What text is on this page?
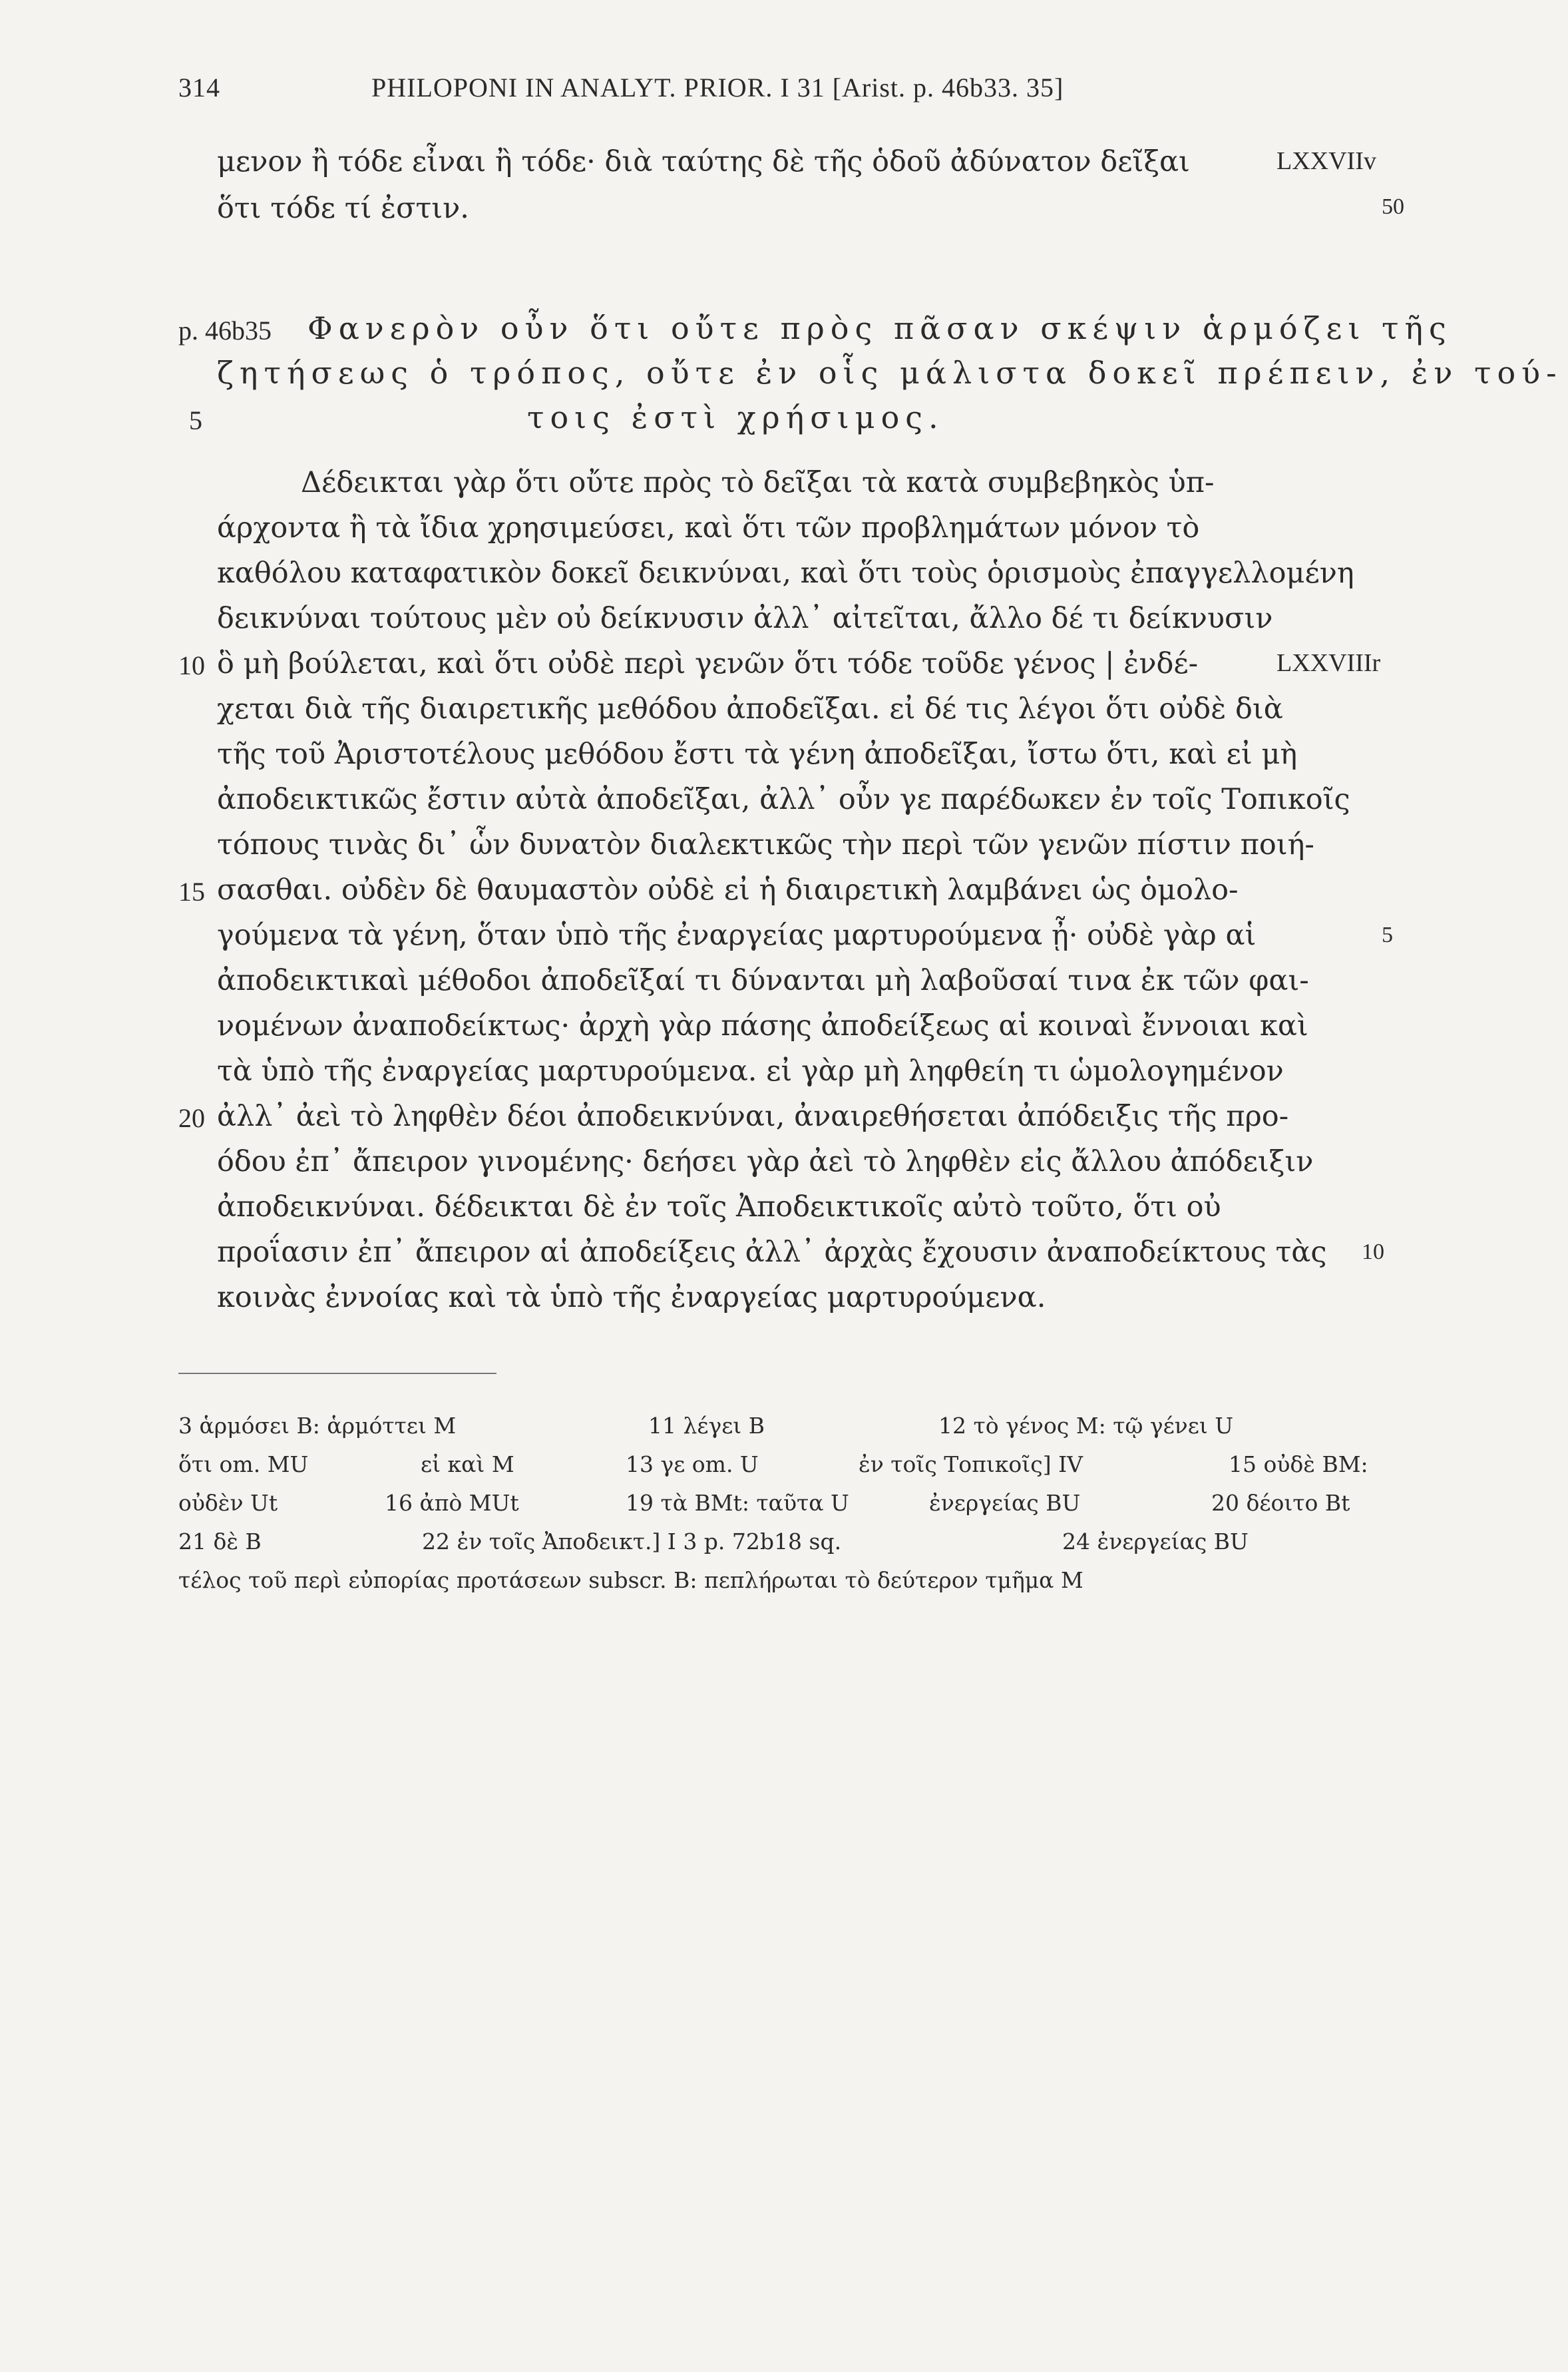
314	PHILOPONI IN ANALYT. PRIOR. I 31 [Arist. p. 46b33. 35]
μενον ἢ τόδε εἶναι ἢ τόδε· διὰ ταύτης δὲ τῆς ὁδοῦ ἀδύνατον δεῖξαι	LXXVIIv
ὅτι τόδε τί ἐστιν.	50
p. 46b35 Φανερὸν οὖν ὅτι οὔτε πρὸς πᾶσαν σκέψιν ἁρμόζει τῆς
ζητήσεως ὁ τρόπος, οὔτε ἐν οἷς μάλιστα δοκεῖ πρέπειν, ἐν τού-
5	τοις ἐστὶ χρήσιμος.
Δέδεικται γὰρ ὅτι οὔτε πρὸς τὸ δεῖξαι τὰ κατὰ συμβεβηκὸς ὑπ-
άρχοντα ἢ τὰ ἴδια χρησιμεύσει, καὶ ὅτι τῶν προβλημάτων μόνον τὸ
καθόλου καταφατικὸν δοκεῖ δεικνύναι, καὶ ὅτι τοὺς ὁρισμοὺς ἐπαγγελλομένη
δεικνύναι τούτους μὲν οὐ δείκνυσιν ἀλλ᾽ αἰτεῖται, ἄλλο δέ τι δείκνυσιν
10 ὃ μὴ βούλεται, καὶ ὅτι οὐδὲ περὶ γενῶν ὅτι τόδε τοῦδε γένος | ἐνδέ-	LXXVIIIr
χεται διὰ τῆς διαιρετικῆς μεθόδου ἀποδεῖξαι. εἰ δέ τις λέγοι ὅτι οὐδὲ διὰ
τῆς τοῦ Ἀριστοτέλους μεθόδου ἔστι τὰ γένη ἀποδεῖξαι, ἴστω ὅτι, καὶ εἰ μὴ
ἀποδεικτικῶς ἔστιν αὐτὰ ἀποδεῖξαι, ἀλλ᾽ οὖν γε παρέδωκεν ἐν τοῖς Τοπικοῖς
τόπους τινὰς δι᾽ ὧν δυνατὸν διαλεκτικῶς τὴν περὶ τῶν γενῶν πίστιν ποιή-
15 σασθαι. οὐδὲν δὲ θαυμαστὸν οὐδὲ εἰ ἡ διαιρετικὴ λαμβάνει ὡς ὁμολο-
γούμενα τὰ γένη, ὅταν ὑπὸ τῆς ἐναργείας μαρτυρούμενα ᾖ· οὐδὲ γὰρ αἱ	5
ἀποδεικτικαὶ μέθοδοι ἀποδεῖξαί τι δύνανται μὴ λαβοῦσαί τινα ἐκ τῶν φαι-
νομένων ἀναποδείκτως· ἀρχὴ γὰρ πάσης ἀποδείξεως αἱ κοιναὶ ἔννοιαι καὶ
τὰ ὑπὸ τῆς ἐναργείας μαρτυρούμενα. εἰ γὰρ μὴ ληφθείη τι ὡμολογημένον
20 ἀλλ᾽ ἀεὶ τὸ ληφθὲν δέοι ἀποδεικνύναι, ἀναιρεθήσεται ἀπόδειξις τῆς προ-
όδου ἐπ᾽ ἄπειρον γινομένης· δεήσει γὰρ ἀεὶ τὸ ληφθὲν εἰς ἄλλου ἀπόδειξιν
ἀποδεικνύναι. δέδεικται δὲ ἐν τοῖς Ἀποδεικτικοῖς αὐτὸ τοῦτο, ὅτι οὐ
προΐασιν ἐπ᾽ ἄπειρον αἱ ἀποδείξεις ἀλλ᾽ ἀρχὰς ἔχουσιν ἀναποδείκτους τὰς 10
κοινὰς ἐννοίας καὶ τὰ ὑπὸ τῆς ἐναργείας μαρτυρούμενα.
3 ἁρμόσει B: ἁρμόττει M	11 λέγει B	12 τὸ γένος M: τῷ γένει U
ὅτι om. MU	εἰ καὶ M	13 γε om. U	ἐν τοῖς Τοπικοῖς] IV	15 οὐδὲ BM:
οὐδὲν Ut	16 ἀπὸ MUt	19 τὰ BMt: ταῦτα U	ἐνεργείας BU	20 δέοιτο Bt
21 δὲ B	22 ἐν τοῖς Ἀποδεικτ.] I 3 p. 72b18 sq.	24 ἐνεργείας BU
τέλος τοῦ περὶ εὐπορίας προτάσεων subscr. B: πεπλήρωται τὸ δεύτερον τμῆμα M
